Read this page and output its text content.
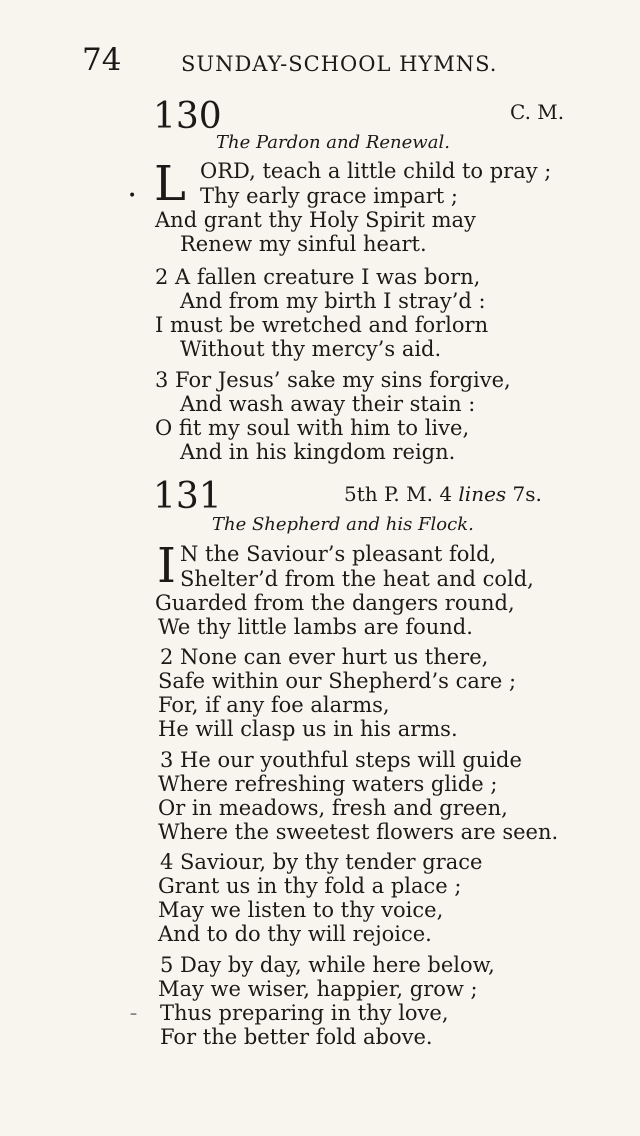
74	SUNDAY-SCHOOL HYMNS.
130	C. M.
The Pardon and Renewal.
L
•
ORD, teach a little child to pray ;
Thy early grace impart ;
And grant thy Holy Spirit may
Renew my sinful heart.
2 A fallen creature I was born,
And from my birth I stray’d :
I must be wretched and forlorn
Without thy mercy’s aid.
3 For Jesus’ sake my sins forgive,
And wash away their stain :
O fit my soul with him to live,
And in his kingdom reign.
131	5th P. M. 4 lines 7s.
The Shepherd and his Flock.
I N the Saviour’s pleasant fold,
Shelter’d from the heat and cold,
Guarded from the dangers round,
We thy little lambs are found.
2 None can ever hurt us there,
Safe within our Shepherd’s care ;
For, if any foe alarms,
He will clasp us in his arms.
3 He our youthful steps will guide
Where refreshing waters glide ;
Or in meadows, fresh and green,
Where the sweetest flowers are seen.
4 Saviour, by thy tender grace
Grant us in thy fold a place ;
May we listen to thy voice,
And to do thy will rejoice.
5 Day by day, while here below,
May we wiser, happier, grow ;
– Thus preparing in thy love,
For the better fold above.
